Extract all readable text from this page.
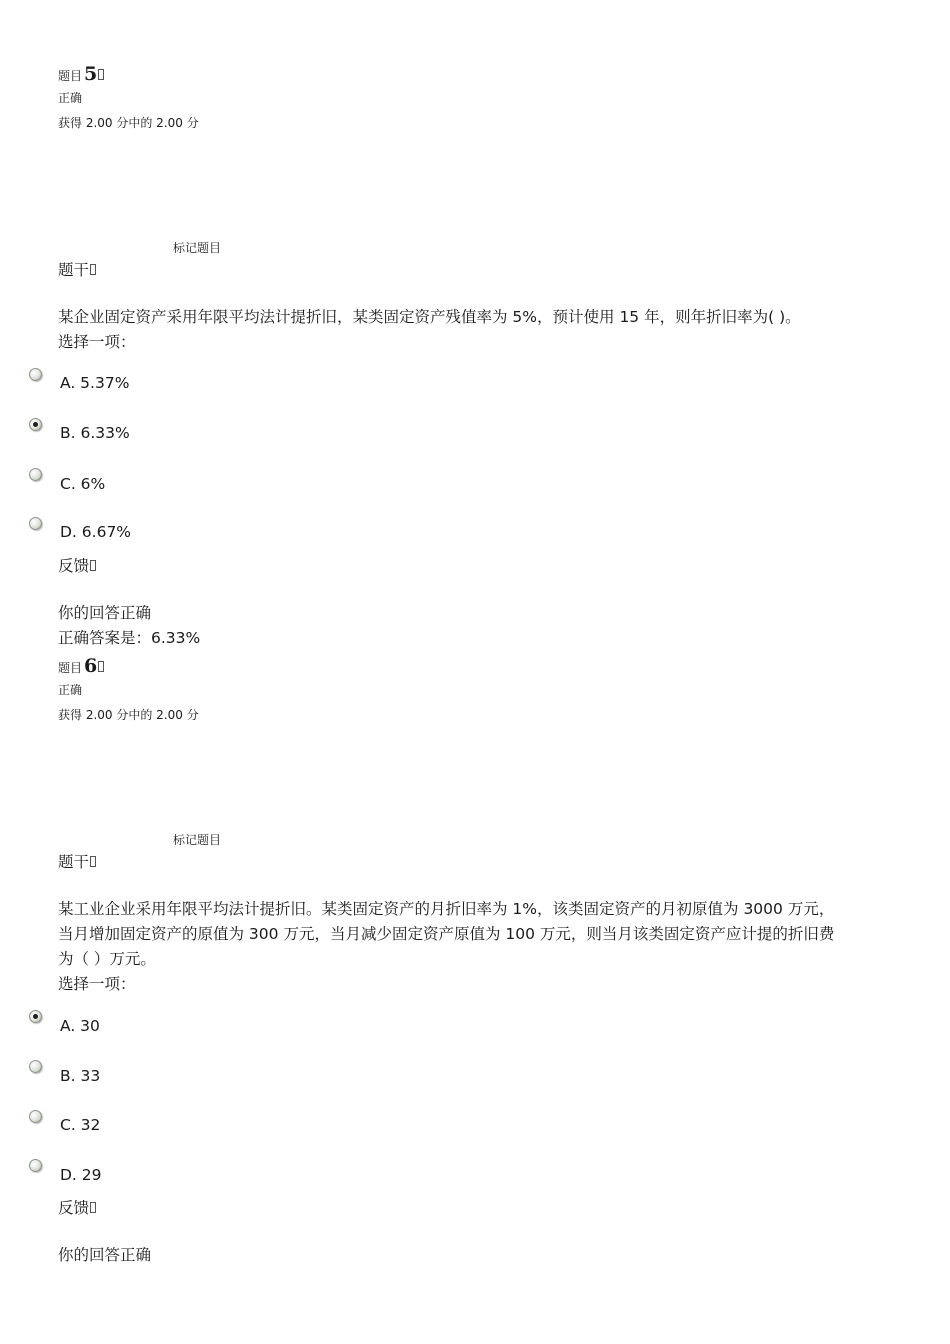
题目 5
正确
获得 2.00 分中的 2.00 分
标记题目
题干
某企业固定资产采用年限平均法计提折旧，某类固定资产残值率为 5%，预计使用 15 年，则年折旧率为( )。
选择一项：
A. 5.37%
B. 6.33%
C. 6%
D. 6.67%
反馈
你的回答正确
正确答案是：6.33%
题目 6
正确
获得 2.00 分中的 2.00 分
标记题目
题干
某工业企业采用年限平均法计提折旧。某类固定资产的月折旧率为 1%，该类固定资产的月初原值为 3000 万元，
当月增加固定资产的原值为 300 万元，当月减少固定资产原值为 100 万元，则当月该类固定资产应计提的折旧费
为（ ）万元。
选择一项：
A. 30
B. 33
C. 32
D. 29
反馈
你的回答正确
